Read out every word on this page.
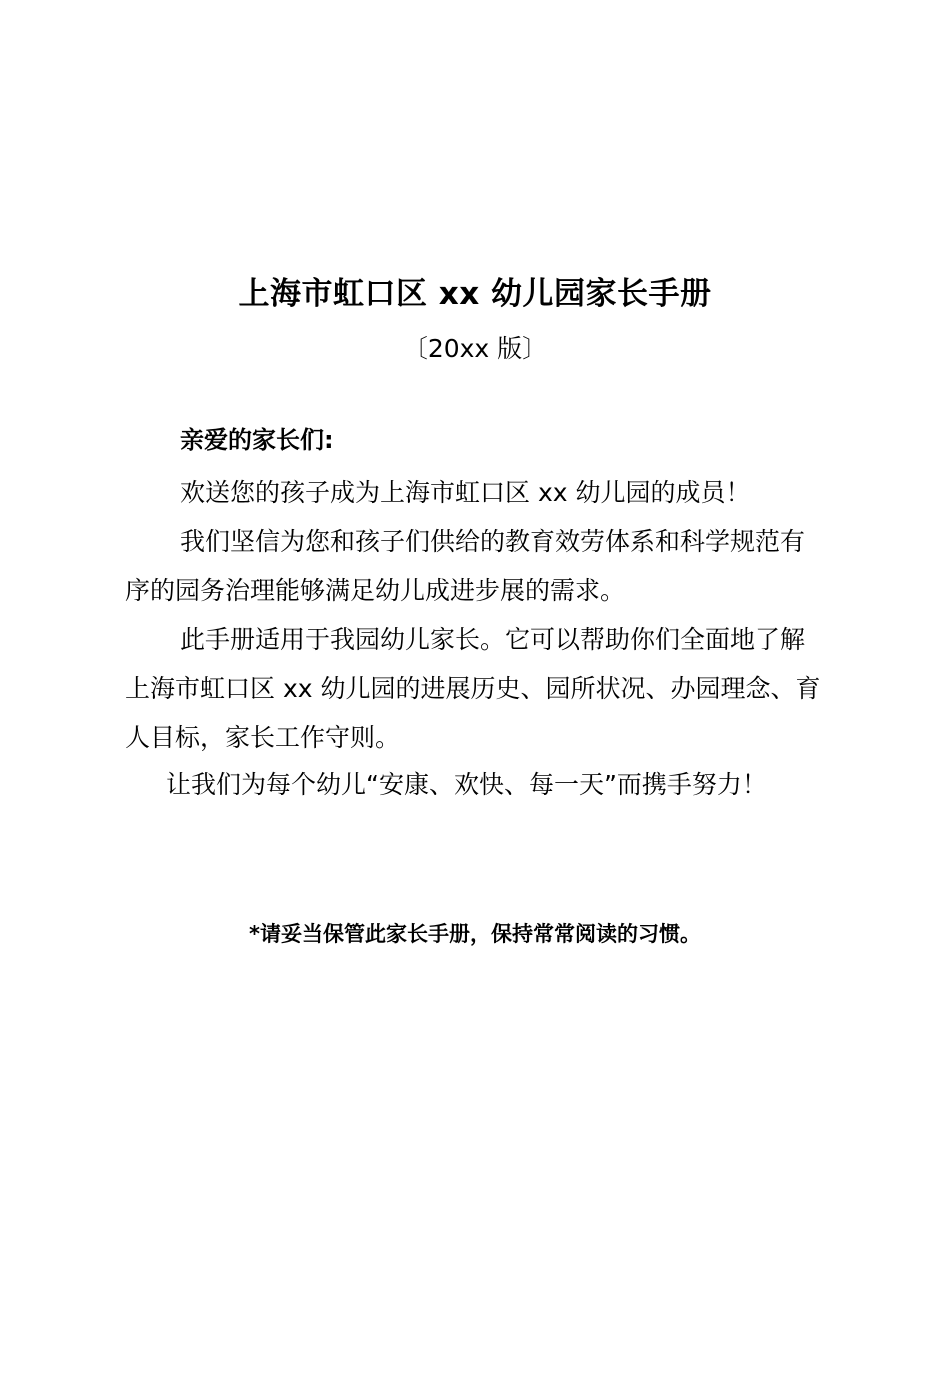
上海市虹口区 xx 幼儿园家长手册
〔20xx 版〕
亲爱的家长们:

欢送您的孩子成为上海市虹口区 xx 幼儿园的成员！

我们坚信为您和孩子们供给的教育效劳体系和科学规范有序的园务治理能够满足幼儿成进步展的需求。

此手册适用于我园幼儿家长。它可以帮助你们全面地了解上海市虹口区 xx 幼儿园的进展历史、园所状况、办园理念、育人目标，家长工作守则。

让我们为每个幼儿“安康、欢快、每一天”而携手努力！
*请妥当保管此家长手册，保持常常阅读的习惯。
